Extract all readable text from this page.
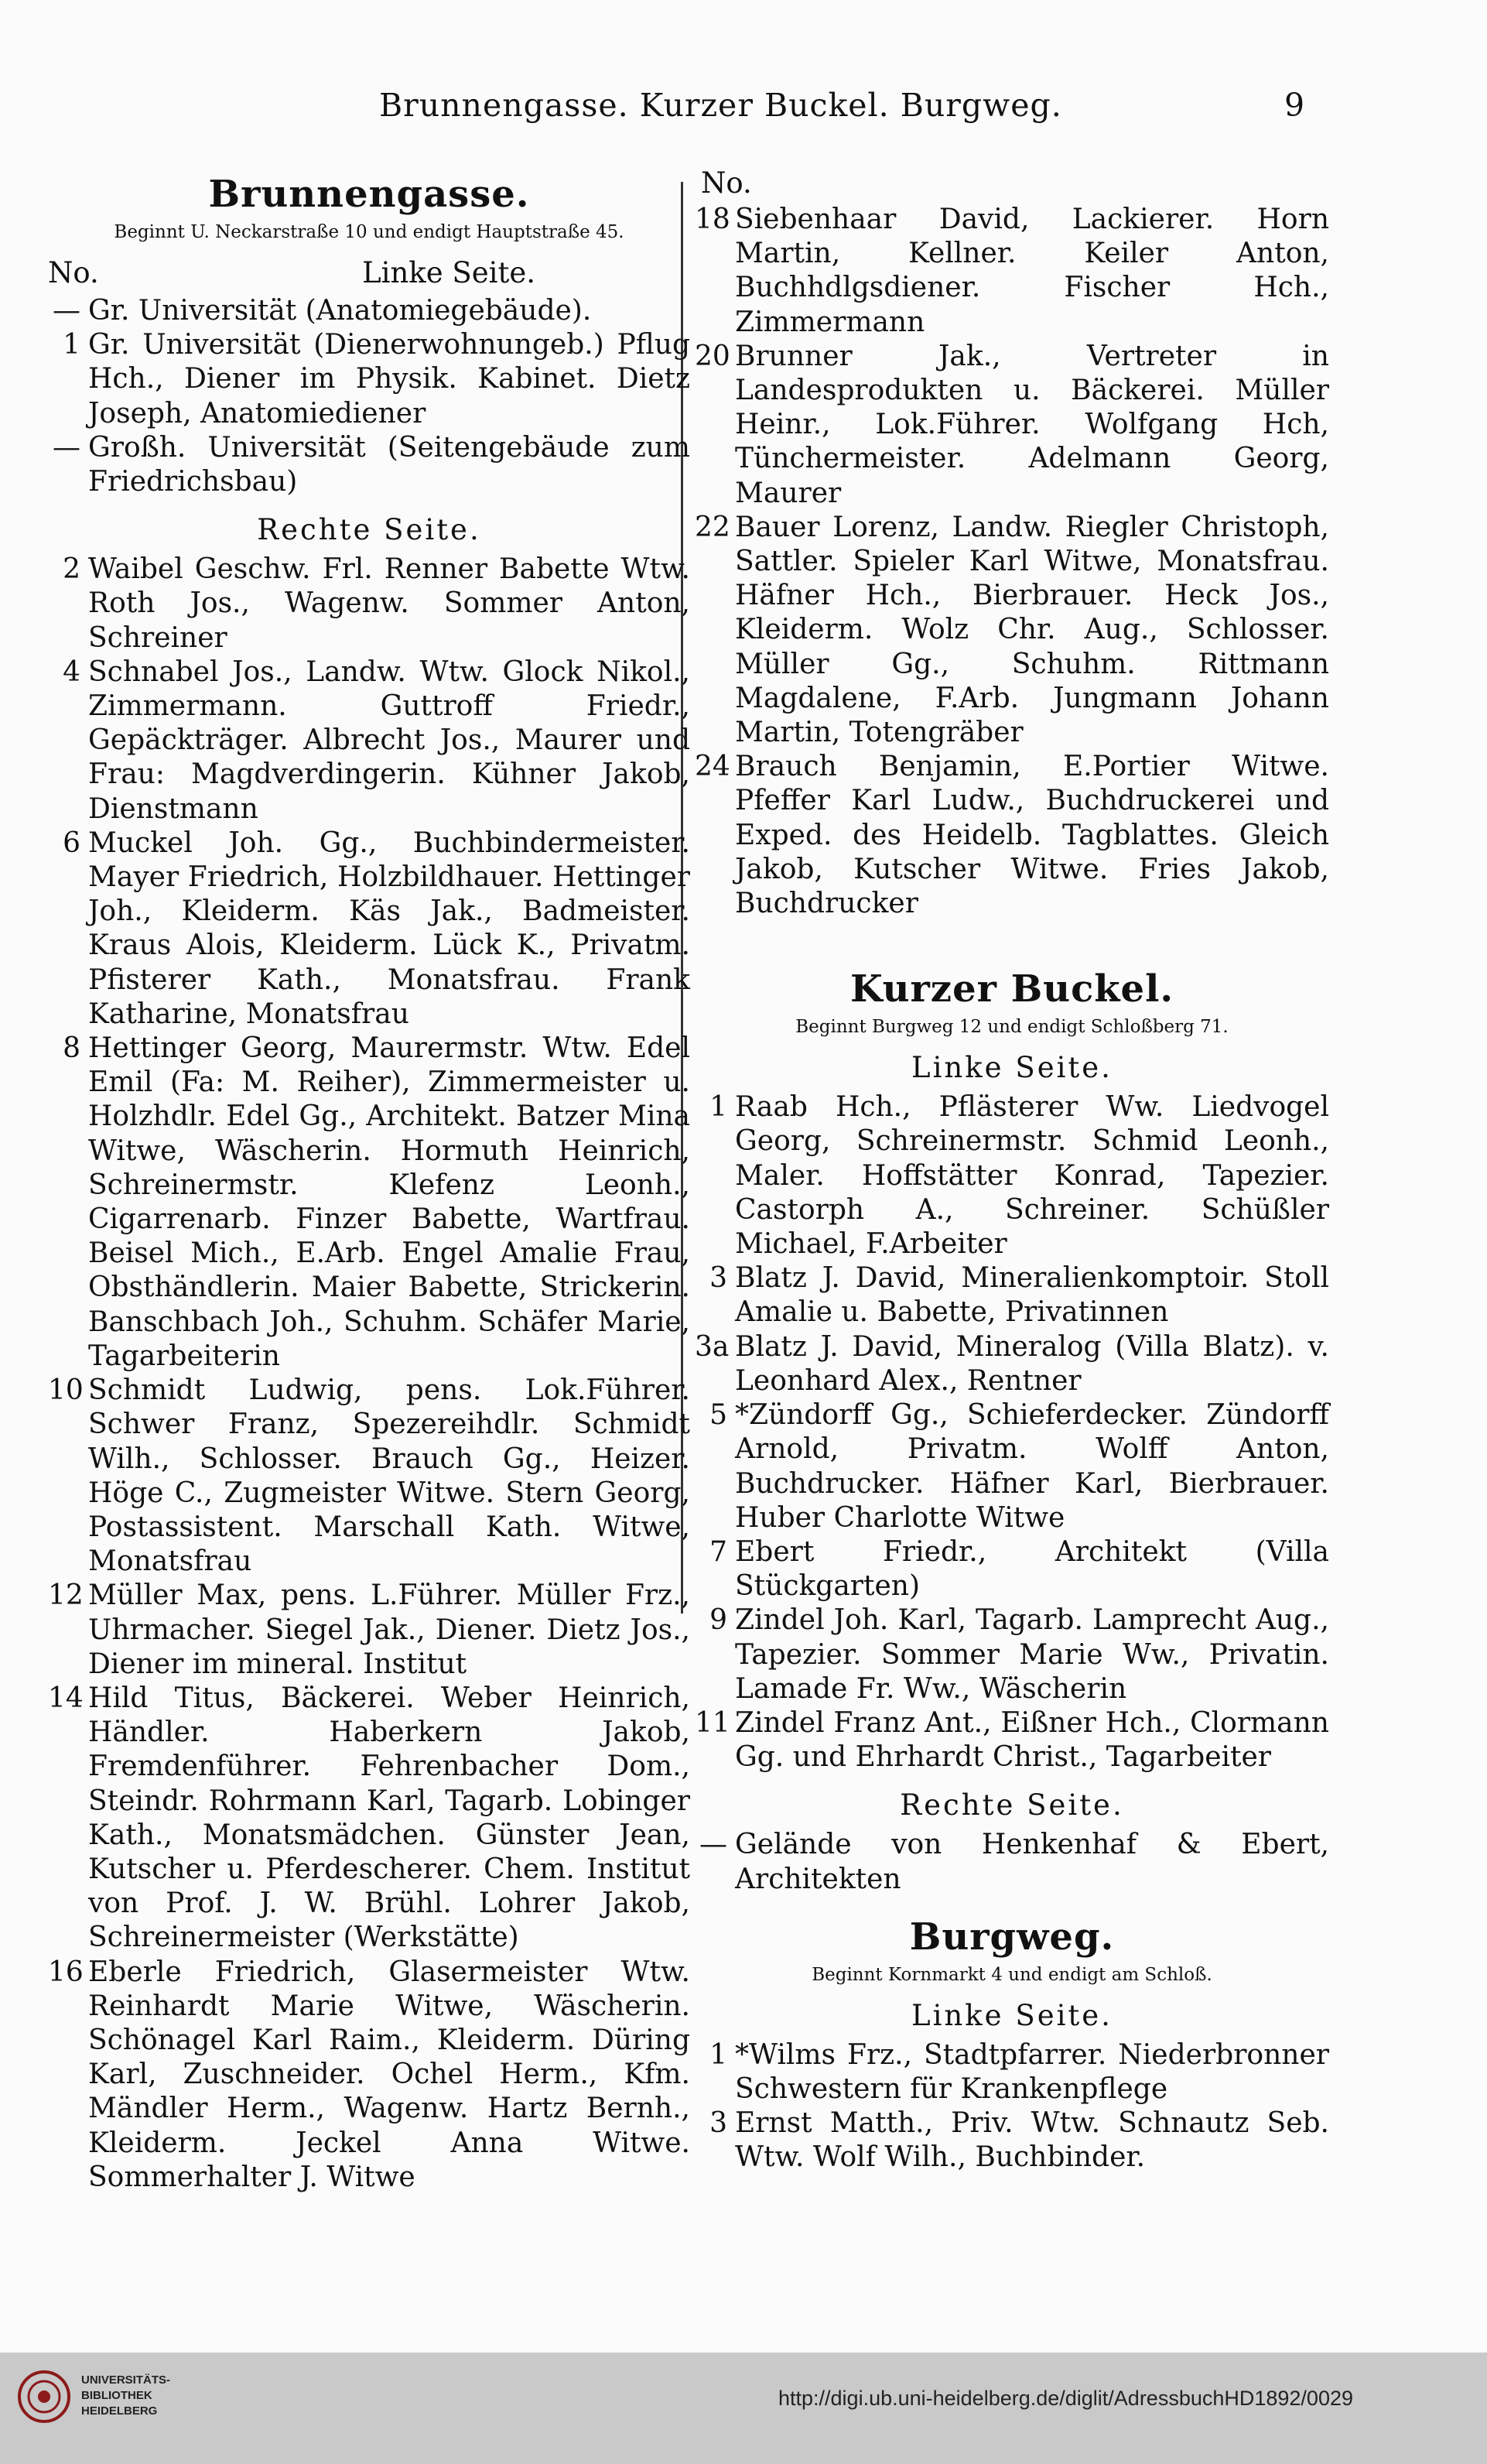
Brunnengasse. Kurzer Buckel. Burgweg.	9
Brunnengasse.
Beginnt U. Neckarstraße 10 und endigt Hauptstraße 45.
No.	Linke Seite.
— Gr. Universität (Anatomiegebäude).
1 Gr. Universität (Dienerwohnungeb.) Pflug Hch., Diener im Physik. Kabinet. Dietz Joseph, Anatomiediener
— Großh. Universität (Seitengebäude zum Friedrichsbau)
Rechte Seite.
2 Waibel Geschw. Frl. Renner Babette Wtw. Roth Jos., Wagenw. Sommer Anton, Schreiner
4 Schnabel Jos., Landw. Wtw. Glock Nikol., Zimmermann. Guttroff Friedr., Gepäckträger. Albrecht Jos., Maurer und Frau: Magdverdingerin. Kühner Jakob, Dienstmann
6 Muckel Joh. Gg., Buchbindermeister. Mayer Friedrich, Holzbildhauer. Hettinger Joh., Kleiderm. Käs Jak., Badmeister. Kraus Alois, Kleiderm. Lück K., Privatm. Pfisterer Kath., Monatsfrau. Frank Katharine, Monatsfrau
8 Hettinger Georg, Maurermstr. Wtw. Edel Emil (Fa: M. Reiher), Zimmermeister u. Holzhdlr. Edel Gg., Architekt. Batzer Mina Witwe, Wäscherin. Hormuth Heinrich, Schreinermstr. Klefenz Leonh., Cigarrenarb. Finzer Babette, Wartfrau. Beisel Mich., E.Arb. Engel Amalie Frau, Obsthändlerin. Maier Babette, Strickerin. Banschbach Joh., Schuhm. Schäfer Marie, Tagarbeiterin
10 Schmidt Ludwig, pens. Lok.Führer. Schwer Franz, Spezereihdlr. Schmidt Wilh., Schlosser. Brauch Gg., Heizer. Höge C., Zugmeister Witwe. Stern Georg, Postassistent. Marschall Kath. Witwe, Monatsfrau
12 Müller Max, pens. L.Führer. Müller Frz., Uhrmacher. Siegel Jak., Diener. Dietz Jos., Diener im mineral. Institut
14 Hild Titus, Bäckerei. Weber Heinrich, Händler. Haberkern Jakob, Fremdenführer. Fehrenbacher Dom., Steindr. Rohrmann Karl, Tagarb. Lobinger Kath., Monatsmädchen. Günster Jean, Kutscher u. Pferdescherer. Chem. Institut von Prof. J. W. Brühl. Lohrer Jakob, Schreinermeister (Werkstätte)
16 Eberle Friedrich, Glasermeister Wtw. Reinhardt Marie Witwe, Wäscherin. Schönagel Karl Raim., Kleiderm. Düring Karl, Zuschneider. Ochel Herm., Kfm. Mändler Herm., Wagenw. Hartz Bernh., Kleiderm. Jeckel Anna Witwe. Sommerhalter J. Witwe
No.
18 Siebenhaar David, Lackierer. Horn Martin, Kellner. Keiler Anton, Buchhdlgsdiener. Fischer Hch., Zimmermann
20 Brunner Jak., Vertreter in Landesprodukten u. Bäckerei. Müller Heinr., Lok.Führer. Wolfgang Hch, Tünchermeister. Adelmann Georg, Maurer
22 Bauer Lorenz, Landw. Riegler Christoph, Sattler. Spieler Karl Witwe, Monatsfrau. Häfner Hch., Bierbrauer. Heck Jos., Kleiderm. Wolz Chr. Aug., Schlosser. Müller Gg., Schuhm. Rittmann Magdalene, F.Arb. Jungmann Johann Martin, Totengräber
24 Brauch Benjamin, E.Portier Witwe. Pfeffer Karl Ludw., Buchdruckerei und Exped. des Heidelb. Tagblattes. Gleich Jakob, Kutscher Witwe. Fries Jakob, Buchdrucker
Kurzer Buckel.
Beginnt Burgweg 12 und endigt Schloßberg 71.
Linke Seite.
1 Raab Hch., Pflästerer Ww. Liedvogel Georg, Schreinermstr. Schmid Leonh., Maler. Hoffstätter Konrad, Tapezier. Castorph A., Schreiner. Schüßler Michael, F.Arbeiter
3 Blatz J. David, Mineralienkomptoir. Stoll Amalie u. Babette, Privatinnen
3a Blatz J. David, Mineralog (Villa Blatz). v. Leonhard Alex., Rentner
5 *Zündorff Gg., Schieferdecker. Zündorff Arnold, Privatm. Wolff Anton, Buchdrucker. Häfner Karl, Bierbrauer. Huber Charlotte Witwe
7 Ebert Friedr., Architekt (Villa Stückgarten)
9 Zindel Joh. Karl, Tagarb. Lamprecht Aug., Tapezier. Sommer Marie Ww., Privatin. Lamade Fr. Ww., Wäscherin
11 Zindel Franz Ant., Eißner Hch., Clormann Gg. und Ehrhardt Christ., Tagarbeiter
Rechte Seite.
— Gelände von Henkenhaf & Ebert, Architekten
Burgweg.
Beginnt Kornmarkt 4 und endigt am Schloß.
Linke Seite.
1 *Wilms Frz., Stadtpfarrer. Niederbronner Schwestern für Krankenpflege
3 Ernst Matth., Priv. Wtw. Schnautz Seb. Wtw. Wolf Wilh., Buchbinder.
UNIVERSITÄTS-
BIBLIOTHEK
HEIDELBERG
http://digi.ub.uni-heidelberg.de/diglit/AdressbuchHD1892/0029
